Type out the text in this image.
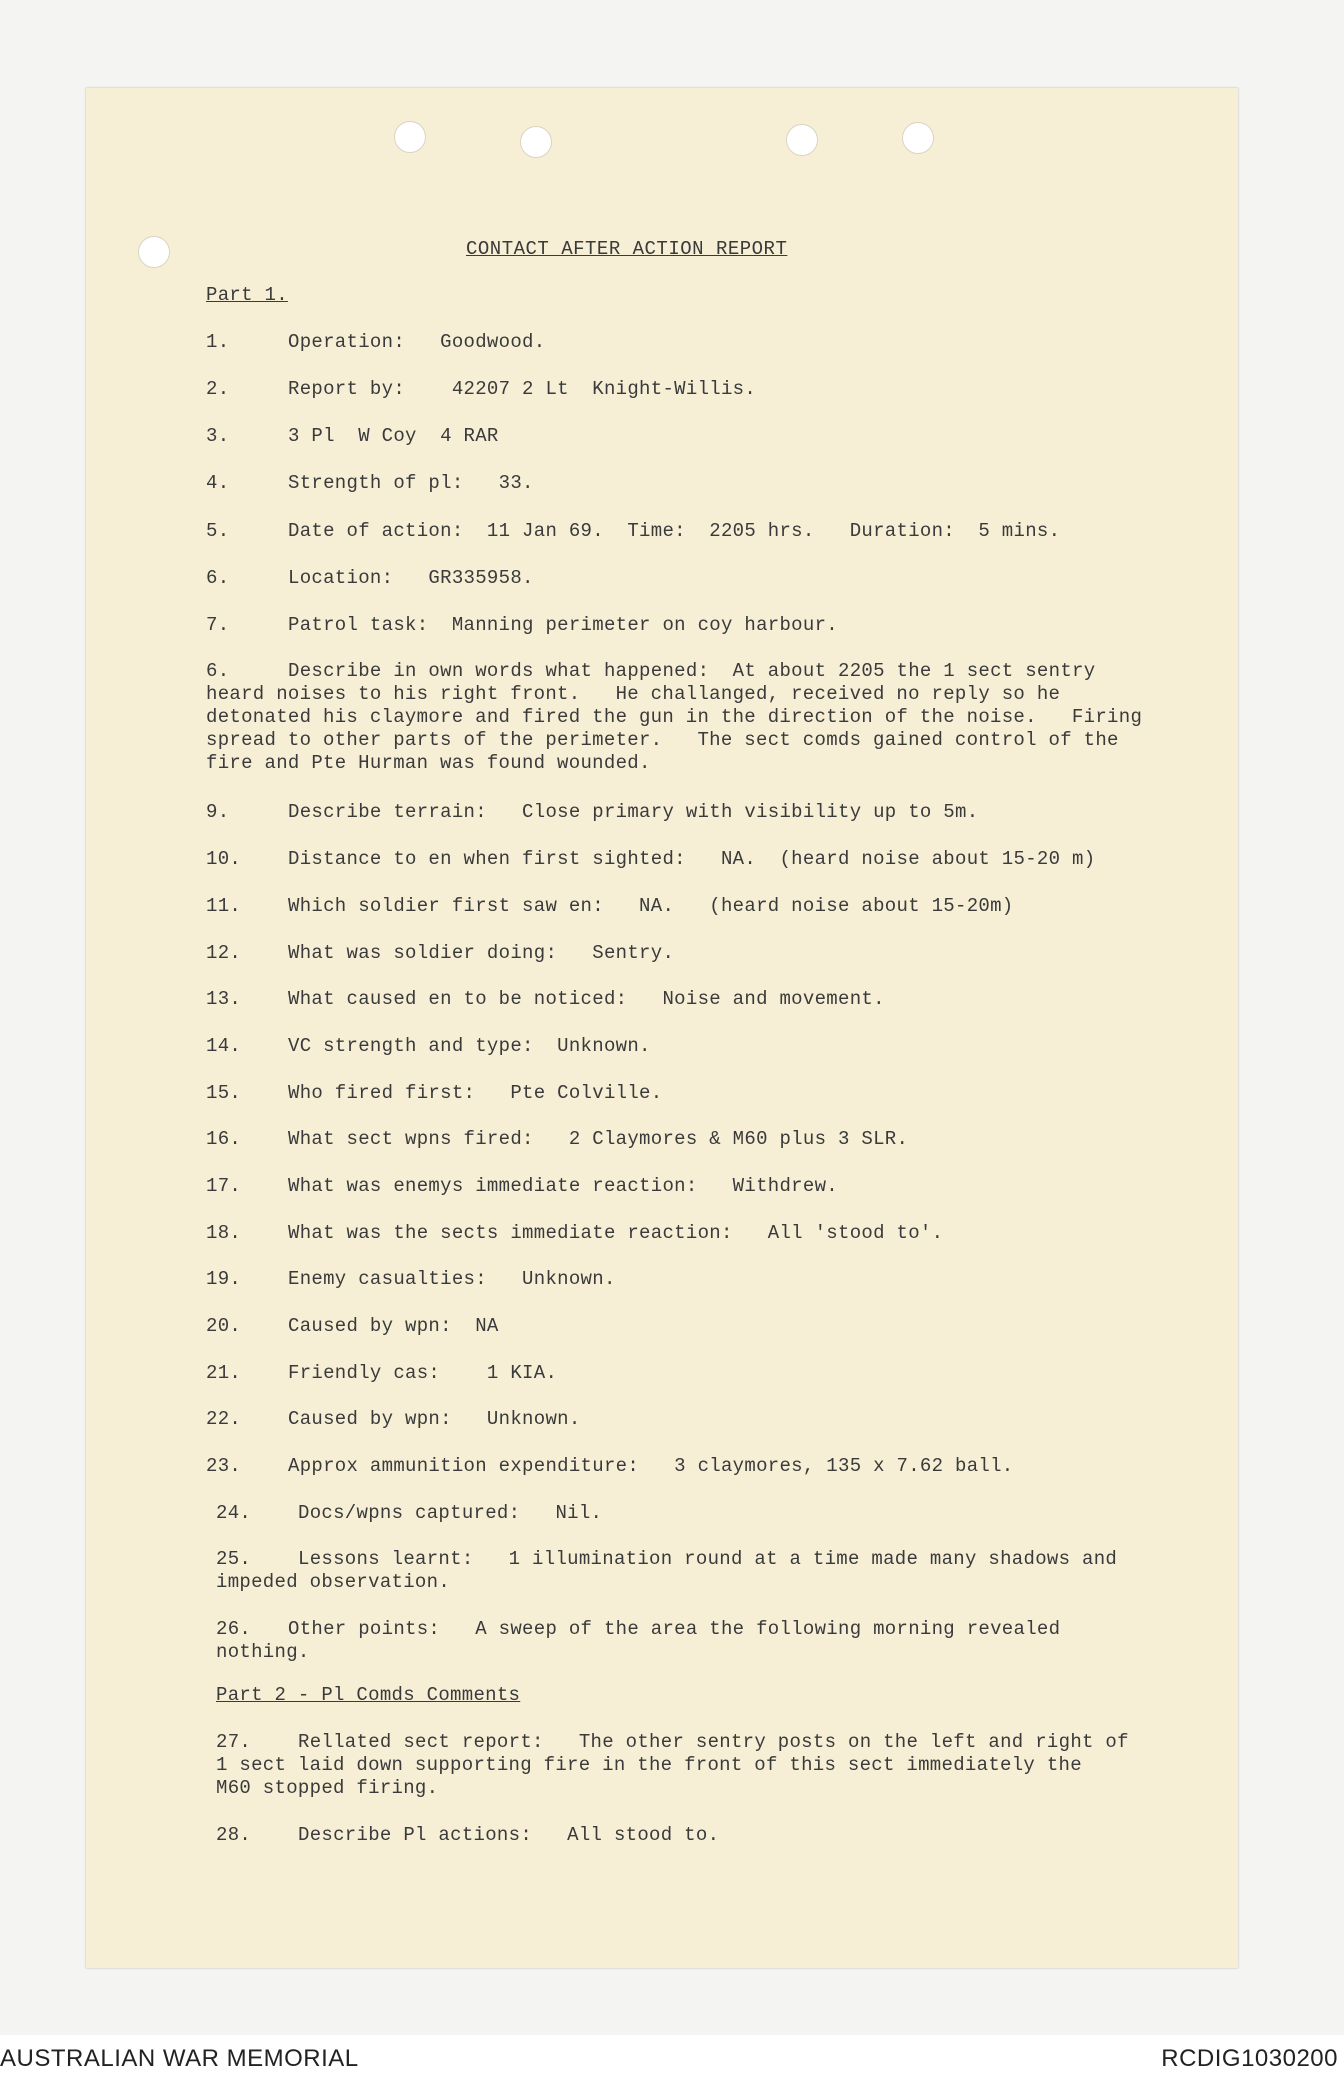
CONTACT AFTER ACTION REPORT
Part 1.
1.	Operation:   Goodwood.
2.	Report by:    42207 2 Lt  Knight-Willis.
3.	3 Pl  W Coy  4 RAR
4.	Strength of pl:   33.
5.	Date of action:  11 Jan 69.  Time:  2205 hrs.   Duration:  5 mins.
6.	Location:   GR335958.
7.	Patrol task:  Manning perimeter on coy harbour.
6.	Describe in own words what happened:  At about 2205 the 1 sect sentry
heard noises to his right front.   He challanged, received no reply so he
detonated his claymore and fired the gun in the direction of the noise.   Firing
spread to other parts of the perimeter.   The sect comds gained control of the
fire and Pte Hurman was found wounded.
9.	Describe terrain:   Close primary with visibility up to 5m.
10. Distance to en when first sighted:   NA.  (heard noise about 15-20 m)
11. Which soldier first saw en:   NA.   (heard noise about 15-20m)
12. What was soldier doing:   Sentry.
13. What caused en to be noticed:   Noise and movement.
14. VC strength and type:  Unknown.
15. Who fired first:   Pte Colville.
16. What sect wpns fired:   2 Claymores & M60 plus 3 SLR.
17. What was enemys immediate reaction:   Withdrew.
18. What was the sects immediate reaction:   All 'stood to'.
19. Enemy casualties:   Unknown.
20. Caused by wpn:  NA
21. Friendly cas:    1 KIA.
22. Caused by wpn:   Unknown.
23. Approx ammunition expenditure:   3 claymores, 135 x 7.62 ball.
24. Docs/wpns captured:   Nil.
25. Lessons learnt:   1 illumination round at a time made many shadows and
impeded observation.
26. Other points:   A sweep of the area the following morning revealed
nothing.
Part 2 - Pl Comds Comments
27. Rellated sect report:   The other sentry posts on the left and right of
1 sect laid down supporting fire in the front of this sect immediately the
M60 stopped firing.
28. Describe Pl actions:   All stood to.
AUSTRALIAN WAR MEMORIAL	RCDIG1030200
